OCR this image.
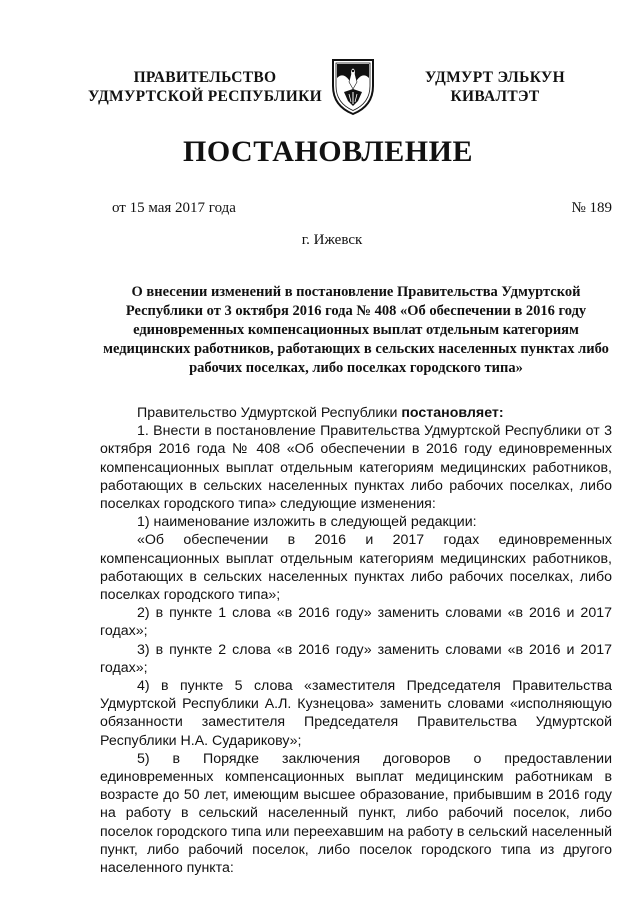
ПРАВИТЕЛЬСТВО
УДМУРТСКОЙ РЕСПУБЛИКИ
УДМУРТ ЭЛЬКУН
КИВАЛТЭТ
ПОСТАНОВЛЕНИЕ
от 15 мая 2017 года	№ 189
г. Ижевск
О внесении изменений в постановление Правительства Удмуртской Республики от 3 октября 2016 года № 408 «Об обеспечении в 2016 году единовременных компенсационных выплат отдельным категориям медицинских работников, работающих в сельских населенных пунктах либо рабочих поселках, либо поселках городского типа»

Правительство Удмуртской Республики постановляет:

1. Внести в постановление Правительства Удмуртской Республики от 3 октября 2016 года № 408 «Об обеспечении в 2016 году единовременных компенсационных выплат отдельным категориям медицинских работников, работающих в сельских населенных пунктах либо рабочих поселках, либо поселках городского типа» следующие изменения:

1) наименование изложить в следующей редакции:

«Об обеспечении в 2016 и 2017 годах единовременных компенсационных выплат отдельным категориям медицинских работников, работающих в сельских населенных пунктах либо рабочих поселках, либо поселках городского типа»;

2) в пункте 1 слова «в 2016 году» заменить словами «в 2016 и 2017 годах»;

3) в пункте 2 слова «в 2016 году» заменить словами «в 2016 и 2017 годах»;

4) в пункте 5 слова «заместителя Председателя Правительства Удмуртской Республики А.Л. Кузнецова» заменить словами «исполняющую обязанности заместителя Председателя Правительства Удмуртской Республики Н.А. Сударикову»;

5) в Порядке заключения договоров о предоставлении единовременных компенсационных выплат медицинским работникам в возрасте до 50 лет, имеющим высшее образование, прибывшим в 2016 году на работу в сельский населенный пункт, либо рабочий поселок, либо поселок городского типа или переехавшим на работу в сельский населенный пункт, либо рабочий поселок, либо поселок городского типа из другого населенного пункта:
